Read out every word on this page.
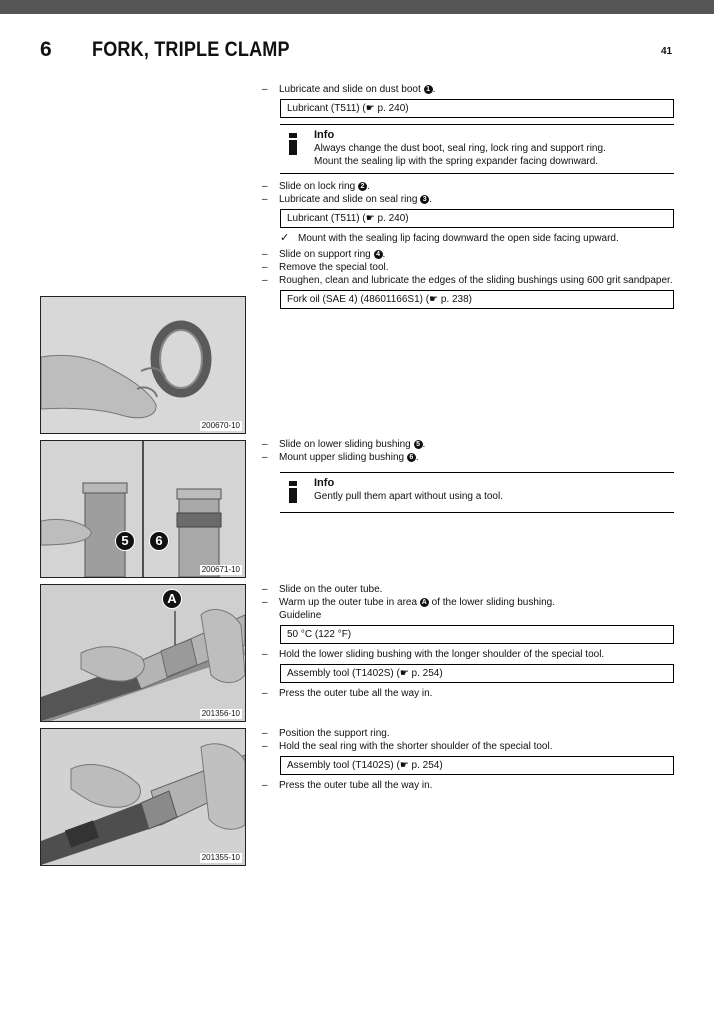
6 FORK, TRIPLE CLAMP	41

– Lubricate and slide on dust boot 1 .

Lubricant (T511) (☛ p. 240)
Info
Always change the dust boot, seal ring, lock ring and support ring.
Mount the sealing lip with the spring expander facing downward.

– Slide on lock ring 2 .

– Lubricate and slide on seal ring 3 .

Lubricant (T511) (☛ p. 240)
✓ Mount with the sealing lip facing downward the open side facing upward.

– Slide on support ring 4 .

– Remove the special tool.

– Roughen, clean and lubricate the edges of the sliding bushings using 600 grit sandpaper.

Fork oil (SAE 4) (48601166S1) (☛ p. 238)

– Slide on lower sliding bushing 5 .

– Mount upper sliding bushing 6 .

Info
Gently pull them apart without using a tool.

– Slide on the outer tube.

– Warm up the outer tube in area A of the lower sliding bushing.

Guideline

50 °C (122 °F)

– Hold the lower sliding bushing with the longer shoulder of the special tool.

Assembly tool (T1402S) (☛ p. 254)

– Press the outer tube all the way in.

– Position the support ring.

– Hold the seal ring with the shorter shoulder of the special tool.

Assembly tool (T1402S) (☛ p. 254)

– Press the outer tube all the way in.

200670-10
5	6
200671-10
A
201356-10
201355-10
